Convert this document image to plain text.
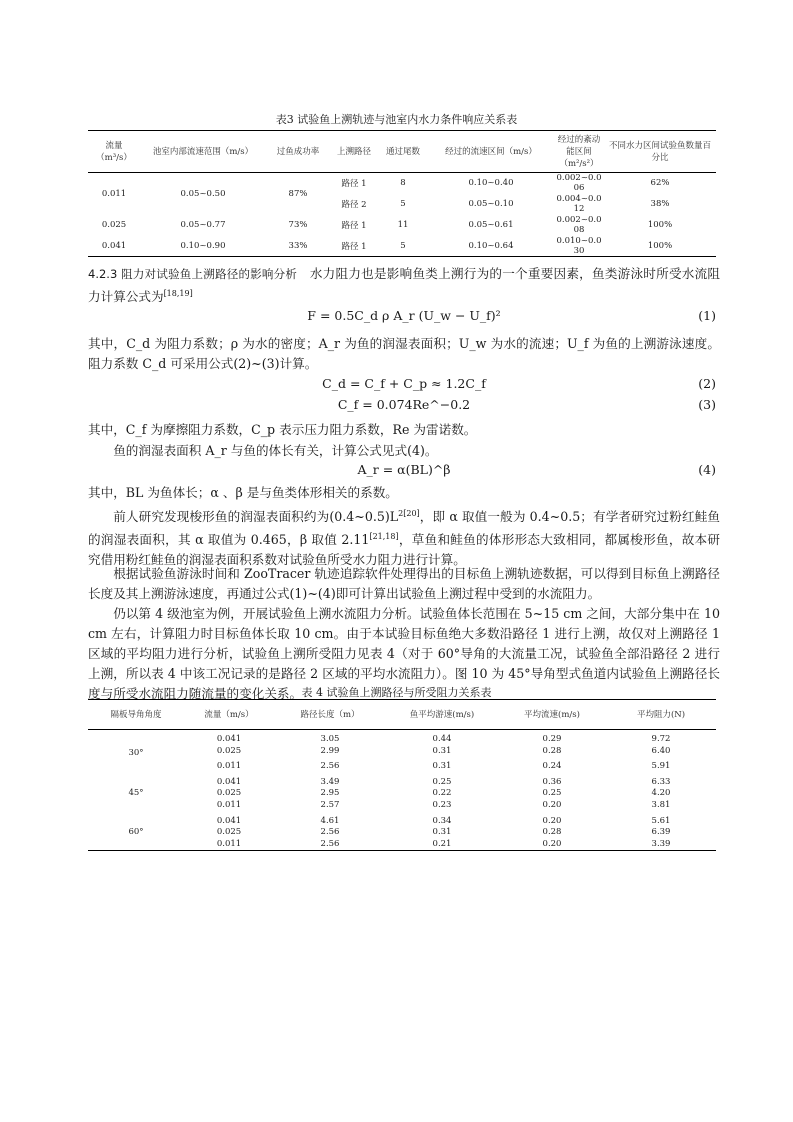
表3 试验鱼上溯轨迹与池室内水力条件响应关系表
流量（m³/s）	池室内部流速范围（m/s）	过鱼成功率	上溯路径	通过尾数	经过的流速区间（m/s）	经过的紊动能区间（m²/s²）	不同水力区间试验鱼数量百分比
0.011	0.05~0.50	87%	路径 1	8	0.10~0.40	0.002~0.006	62%
			路径 2	5	0.05~0.10	0.004~0.012	38%
0.025	0.05~0.77	73%	路径 1	11	0.05~0.61	0.002~0.008	100%
0.041	0.10~0.90	33%	路径 1	5	0.10~0.64	0.010~0.030	100%
4.2.3 阻力对试验鱼上溯路径的影响分析 水力阻力也是影响鱼类上溯行为的一个重要因素，鱼类游泳时所受水流阻力计算公式为[18,19]
F = 0.5C_d ρ A_r (U_w − U_f)²	(1)
其中，C_d 为阻力系数；ρ 为水的密度；A_r 为鱼的润湿表面积；U_w 为水的流速；U_f 为鱼的上溯游泳速度。阻力系数 C_d 可采用公式(2)~(3)计算。
C_d = C_f + C_p ≈ 1.2C_f	(2)
C_f = 0.074Re^−0.2	(3)
其中，C_f 为摩擦阻力系数，C_p 表示压力阻力系数，Re 为雷诺数。
鱼的润湿表面积 A_r 与鱼的体长有关，计算公式见式(4)。
A_r = α(BL)^β	(4)
其中，BL 为鱼体长；α 、β 是与鱼类体形相关的系数。
前人研究发现梭形鱼的润湿表面积约为$(0.4\sim 0.5)L^{2[20]}$，即 α 取值一般为 0.4~0.5；有学者研究过粉红鲑鱼的润湿表面积，其 α 取值为 0.465，β 取值 2.11[21,18]，草鱼和鲑鱼的体形形态大致相同，都属梭形鱼，故本研究借用粉红鲑鱼的润湿表面积系数对试验鱼所受水力阻力进行计算。
根据试验鱼游泳时间和 ZooTracer 轨迹追踪软件处理得出的目标鱼上溯轨迹数据，可以得到目标鱼上溯路径长度及其上溯游泳速度，再通过公式(1)~(4)即可计算出试验鱼上溯过程中受到的水流阻力。
仍以第 4 级池室为例，开展试验鱼上溯水流阻力分析。试验鱼体长范围在 5~15 cm 之间，大部分集中在 10 cm 左右，计算阻力时目标鱼体长取 10 cm。由于本试验目标鱼绝大多数沿路径 1 进行上溯，故仅对上溯路径 1 区域的平均阻力进行分析，试验鱼上溯所受阻力见表 4（对于 60°导角的大流量工况，试验鱼全部沿路径 2 进行上溯，所以表 4 中该工况记录的是路径 2 区域的平均水流阻力）。图 10 为 45°导角型式鱼道内试验鱼上溯路径长度与所受水流阻力随流量的变化关系。 表 4 试验鱼上溯路径与所受阻力关系表
隔板导角角度	流量（m/s）	路径长度（m）	鱼平均游速(m/s)	平均流速(m/s)	平均阻力(N)
30°	0.041	3.05	0.44	0.29	9.72
	0.025	2.99	0.31	0.28	6.40
	0.011	2.56	0.31	0.24	5.91
45°	0.041	3.49	0.25	0.36	6.33
	0.025	2.95	0.22	0.25	4.20
	0.011	2.57	0.23	0.20	3.81
60°	0.041	4.61	0.34	0.20	5.61
	0.025	2.56	0.31	0.28	6.39
	0.011	2.56	0.21	0.20	3.39
